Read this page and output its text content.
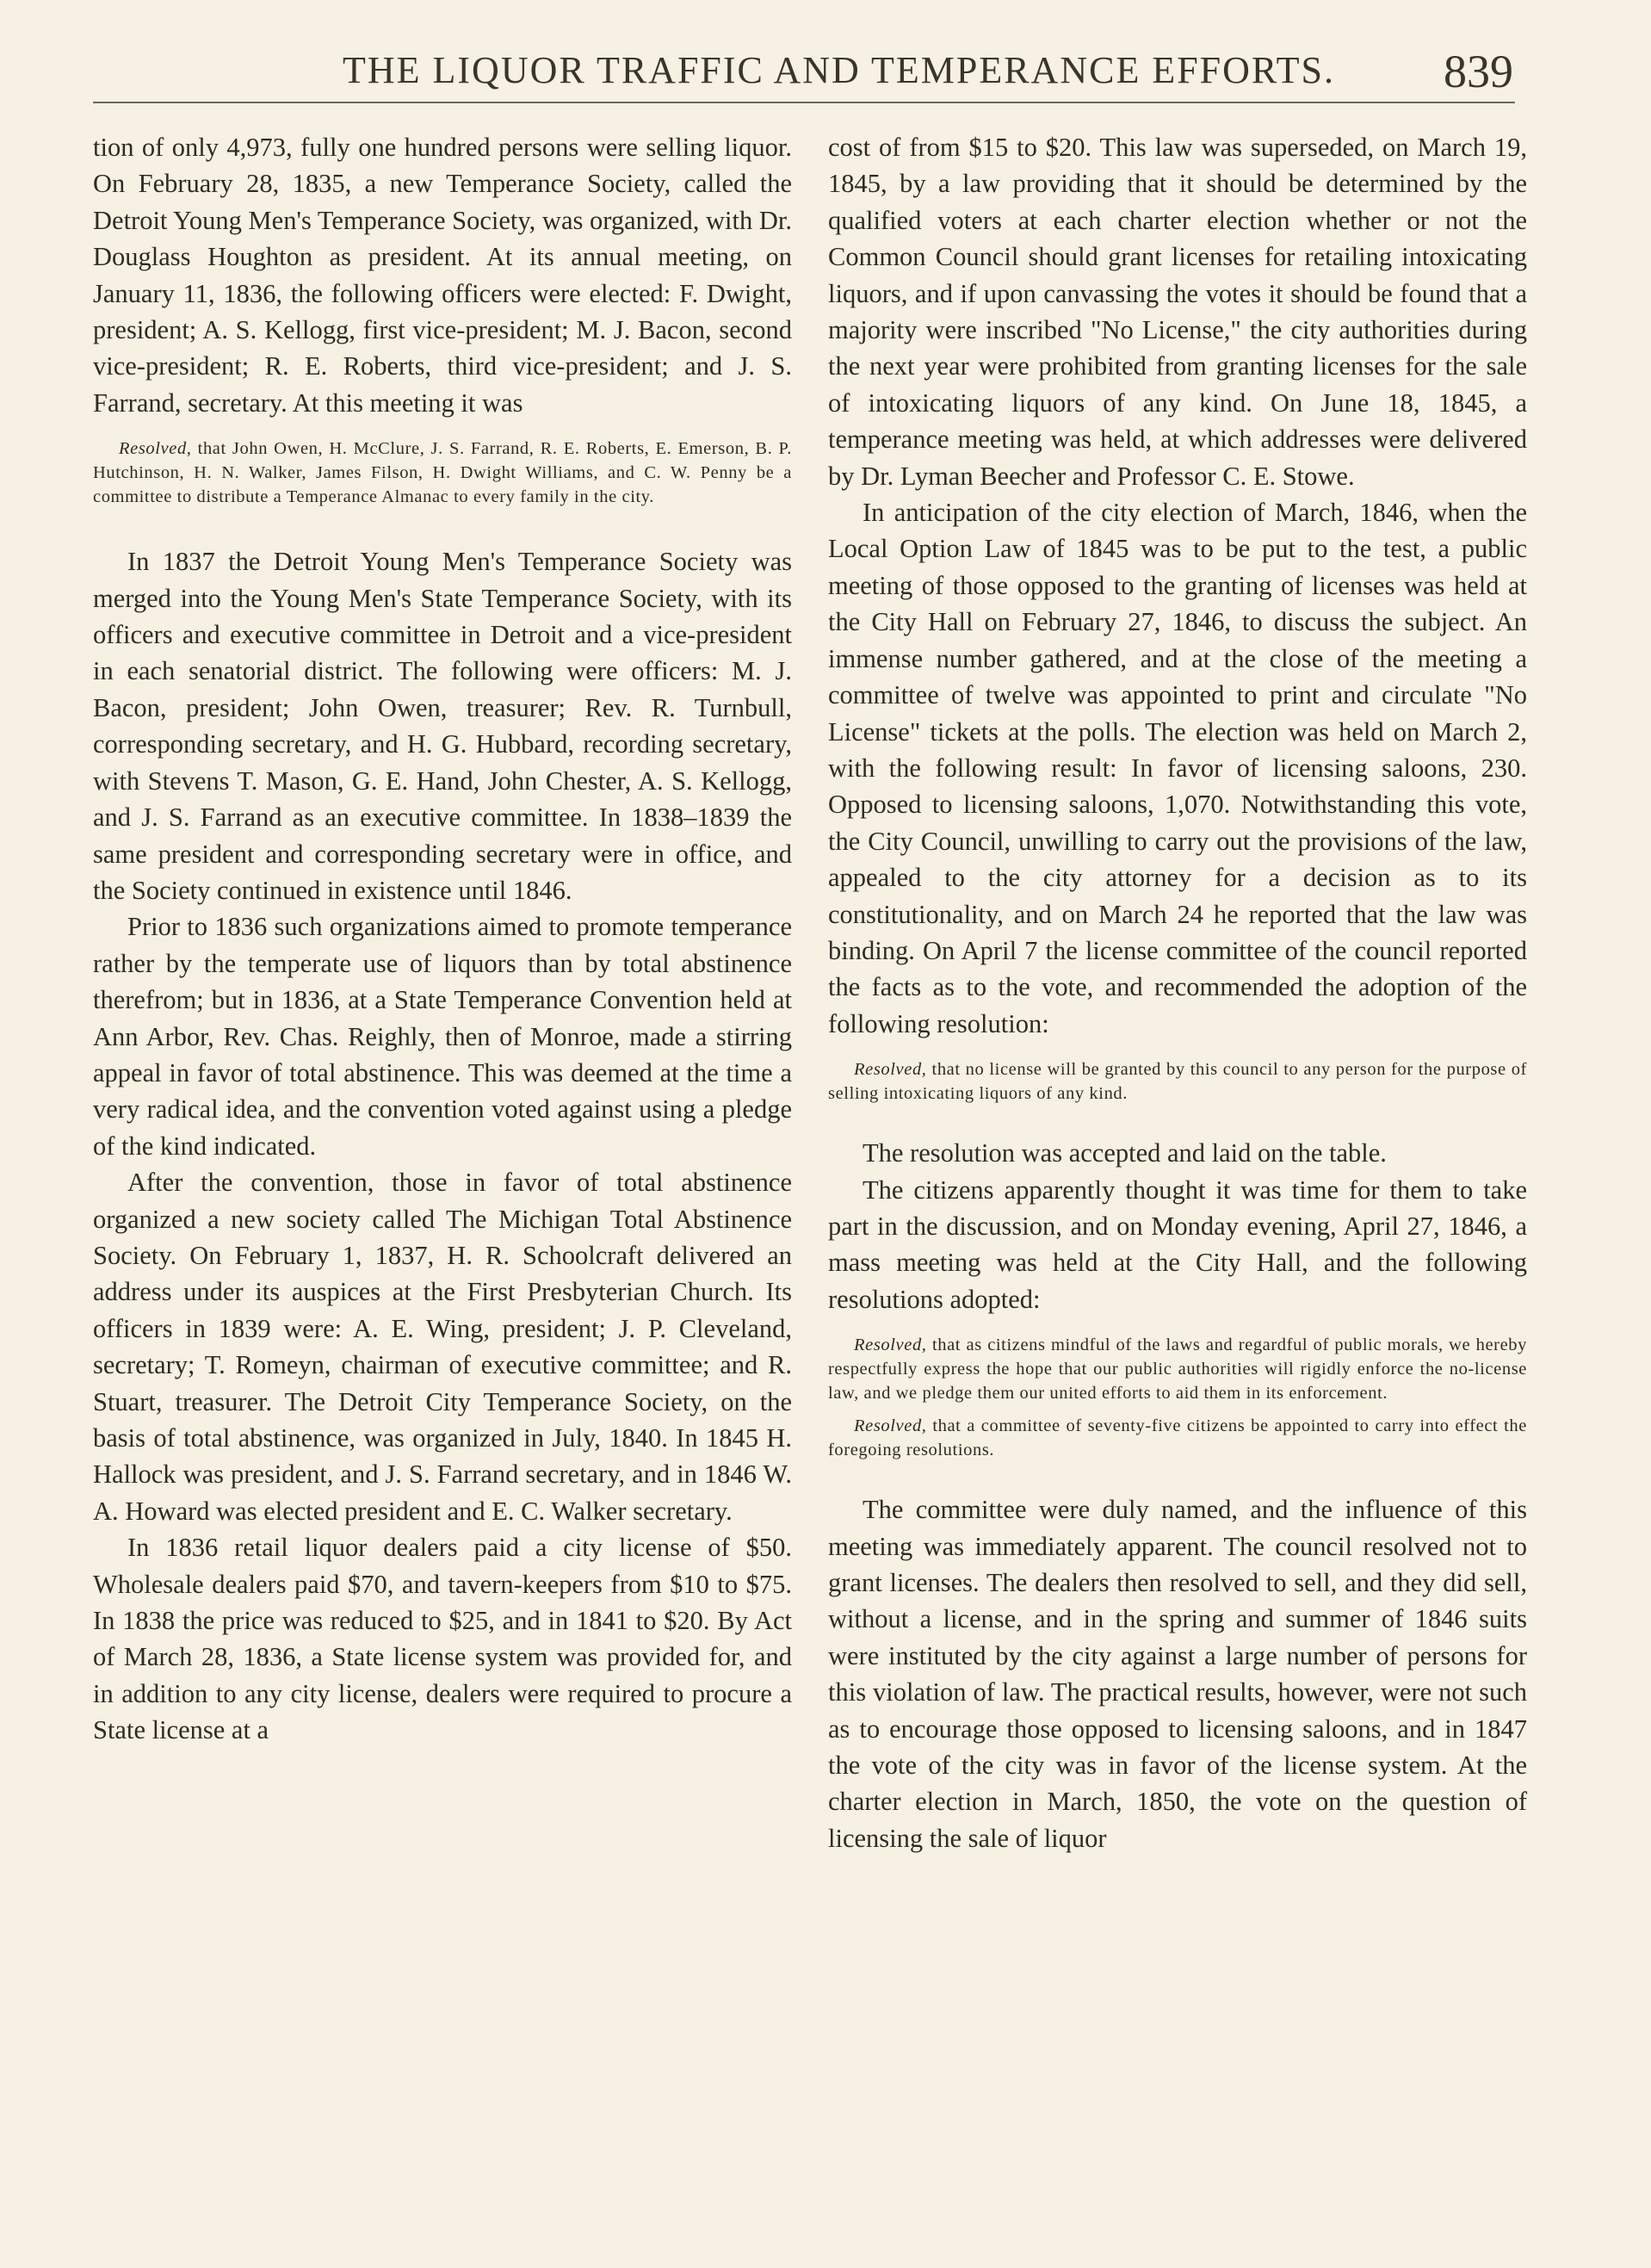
THE LIQUOR TRAFFIC AND TEMPERANCE EFFORTS. 839

tion of only 4,973, fully one hundred persons were selling liquor. On February 28, 1835, a new Temperance Society, called the Detroit Young Men's Temperance Society, was organized, with Dr. Douglass Houghton as president. At its annual meeting, on January 11, 1836, the following officers were elected: F. Dwight, president; A. S. Kellogg, first vice-president; M. J. Bacon, second vice-president; R. E. Roberts, third vice-president; and J. S. Farrand, secretary. At this meeting it was

Resolved, that John Owen, H. McClure, J. S. Farrand, R. E. Roberts, E. Emerson, B. P. Hutchinson, H. N. Walker, James Filson, H. Dwight Williams, and C. W. Penny be a committee to distribute a Temperance Almanac to every family in the city.

In 1837 the Detroit Young Men's Temperance Society was merged into the Young Men's State Temperance Society, with its officers and executive committee in Detroit and a vice-president in each senatorial district. The following were officers: M. J. Bacon, president; John Owen, treasurer; Rev. R. Turnbull, corresponding secretary, and H. G. Hubbard, recording secretary, with Stevens T. Mason, G. E. Hand, John Chester, A. S. Kellogg, and J. S. Farrand as an executive committee. In 1838–1839 the same president and corresponding secretary were in office, and the Society continued in existence until 1846.

Prior to 1836 such organizations aimed to promote temperance rather by the temperate use of liquors than by total abstinence therefrom; but in 1836, at a State Temperance Convention held at Ann Arbor, Rev. Chas. Reighly, then of Monroe, made a stirring appeal in favor of total abstinence. This was deemed at the time a very radical idea, and the convention voted against using a pledge of the kind indicated.

After the convention, those in favor of total abstinence organized a new society called The Michigan Total Abstinence Society. On February 1, 1837, H. R. Schoolcraft delivered an address under its auspices at the First Presbyterian Church. Its officers in 1839 were: A. E. Wing, president; J. P. Cleveland, secretary; T. Romeyn, chairman of executive committee; and R. Stuart, treasurer. The Detroit City Temperance Society, on the basis of total abstinence, was organized in July, 1840. In 1845 H. Hallock was president, and J. S. Farrand secretary, and in 1846 W. A. Howard was elected president and E. C. Walker secretary.

In 1836 retail liquor dealers paid a city license of $50. Wholesale dealers paid $70, and tavern-keepers from $10 to $75. In 1838 the price was reduced to $25, and in 1841 to $20. By Act of March 28, 1836, a State license system was provided for, and in addition to any city license, dealers were required to procure a State license at a

cost of from $15 to $20. This law was superseded, on March 19, 1845, by a law providing that it should be determined by the qualified voters at each charter election whether or not the Common Council should grant licenses for retailing intoxicating liquors, and if upon canvassing the votes it should be found that a majority were inscribed "No License," the city authorities during the next year were prohibited from granting licenses for the sale of intoxicating liquors of any kind. On June 18, 1845, a temperance meeting was held, at which addresses were delivered by Dr. Lyman Beecher and Professor C. E. Stowe.

In anticipation of the city election of March, 1846, when the Local Option Law of 1845 was to be put to the test, a public meeting of those opposed to the granting of licenses was held at the City Hall on February 27, 1846, to discuss the subject. An immense number gathered, and at the close of the meeting a committee of twelve was appointed to print and circulate "No License" tickets at the polls. The election was held on March 2, with the following result: In favor of licensing saloons, 230. Opposed to licensing saloons, 1,070. Notwithstanding this vote, the City Council, unwilling to carry out the provisions of the law, appealed to the city attorney for a decision as to its constitutionality, and on March 24 he reported that the law was binding. On April 7 the license committee of the council reported the facts as to the vote, and recommended the adoption of the following resolution:

Resolved, that no license will be granted by this council to any person for the purpose of selling intoxicating liquors of any kind.

The resolution was accepted and laid on the table.

The citizens apparently thought it was time for them to take part in the discussion, and on Monday evening, April 27, 1846, a mass meeting was held at the City Hall, and the following resolutions adopted:

Resolved, that as citizens mindful of the laws and regardful of public morals, we hereby respectfully express the hope that our public authorities will rigidly enforce the no-license law, and we pledge them our united efforts to aid them in its enforcement.
Resolved, that a committee of seventy-five citizens be appointed to carry into effect the foregoing resolutions.

The committee were duly named, and the influence of this meeting was immediately apparent. The council resolved not to grant licenses. The dealers then resolved to sell, and they did sell, without a license, and in the spring and summer of 1846 suits were instituted by the city against a large number of persons for this violation of law. The practical results, however, were not such as to encourage those opposed to licensing saloons, and in 1847 the vote of the city was in favor of the license system. At the charter election in March, 1850, the vote on the question of licensing the sale of liquor
